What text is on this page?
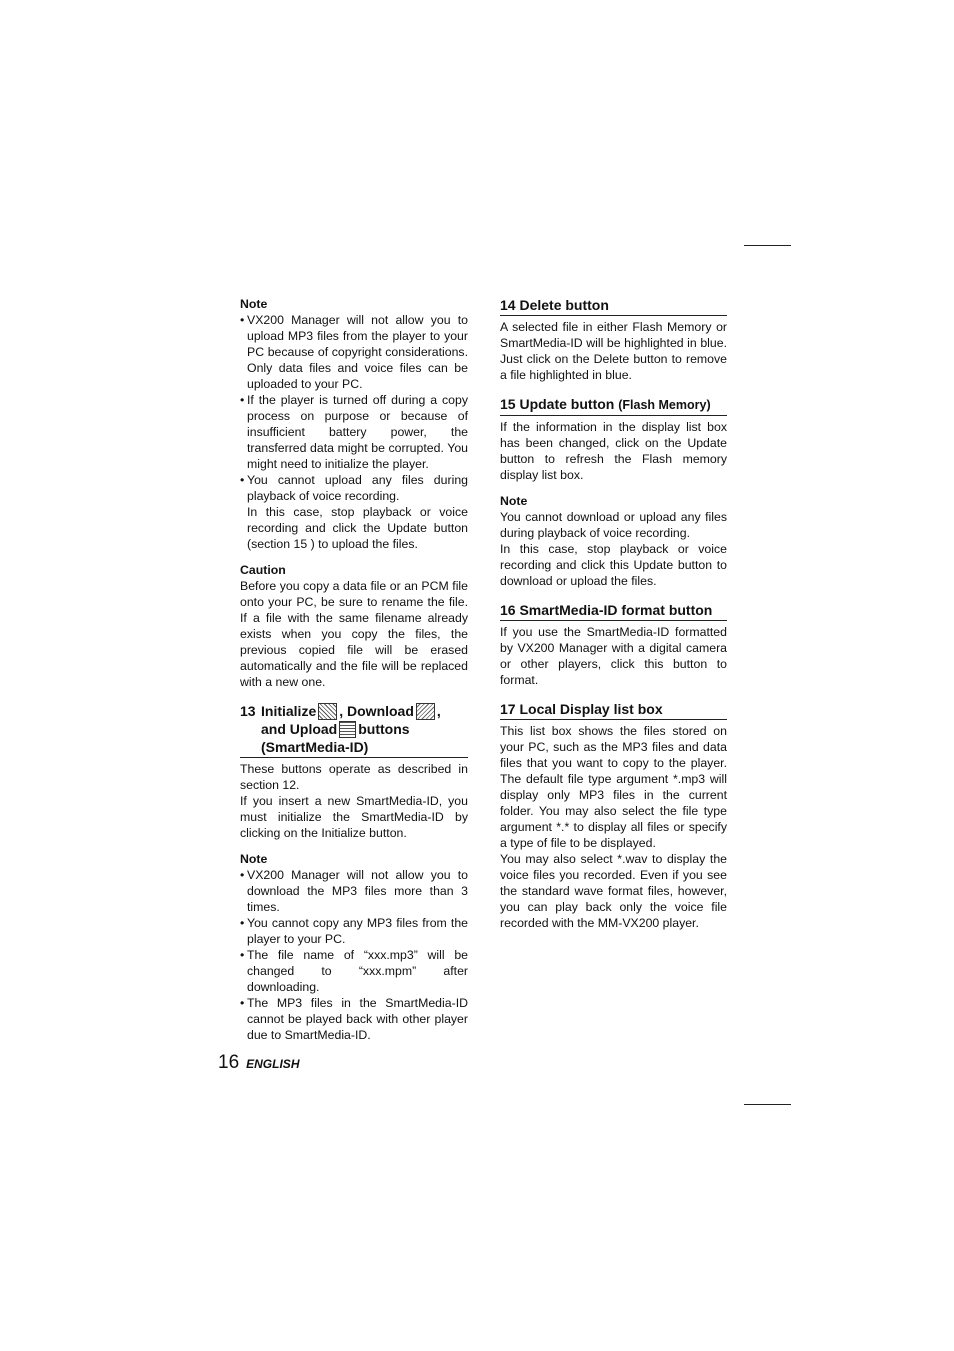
Note
• VX200 Manager will not allow you to upload MP3 files from the player to your PC because of copyright considerations. Only data files and voice files can be uploaded to your PC.
• If the player is turned off during a copy process on purpose or because of insufficient battery power, the transferred data might be corrupted. You might need to initialize the player.
• You cannot upload any files during playback of voice recording.
In this case, stop playback or voice recording and click the Update button (section 15 ) to upload the files.
Caution

Before you copy a data file or an PCM file onto your PC, be sure to rename the file. If a file with the same filename already exists when you copy the files, the previous copied file will be erased automatically and the file will be replaced with a new one.

13 Initialize , Download ,
and Upload buttons
(SmartMedia-ID)

These buttons operate as described in section 12.

If you insert a new SmartMedia-ID, you must initialize the SmartMedia-ID by clicking on the Initialize button.

Note
• VX200 Manager will not allow you to download the MP3 files more than 3 times.
• You cannot copy any MP3 files from the player to your PC.
• The file name of “xxx.mp3” will be changed to “xxx.mpm” after downloading.
• The MP3 files in the SmartMedia-ID cannot be played back with other player due to SmartMedia-ID.
14 Delete button

A selected file in either Flash Memory or SmartMedia-ID will be highlighted in blue. Just click on the Delete button to remove a file highlighted in blue.

15 Update button (Flash Memory)

If the information in the display list box has been changed, click on the Update button to refresh the Flash memory display list box.

Note

You cannot download or upload any files during playback of voice recording.

In this case, stop playback or voice recording and click this Update button to download or upload the files.

16 SmartMedia-ID format button

If you use the SmartMedia-ID formatted by VX200 Manager with a digital camera or other players, click this button to format.

17 Local Display list box

This list box shows the files stored on your PC, such as the MP3 files and data files that you want to copy to the player. The default file type argument *.mp3 will display only MP3 files in the current folder. You may also select the file type argument *.* to display all files or specify a type of file to be displayed.

You may also select *.wav to display the voice files you recorded. Even if you see the standard wave format files, however, you can play back only the voice file recorded with the MM-VX200 player.

16 ENGLISH
